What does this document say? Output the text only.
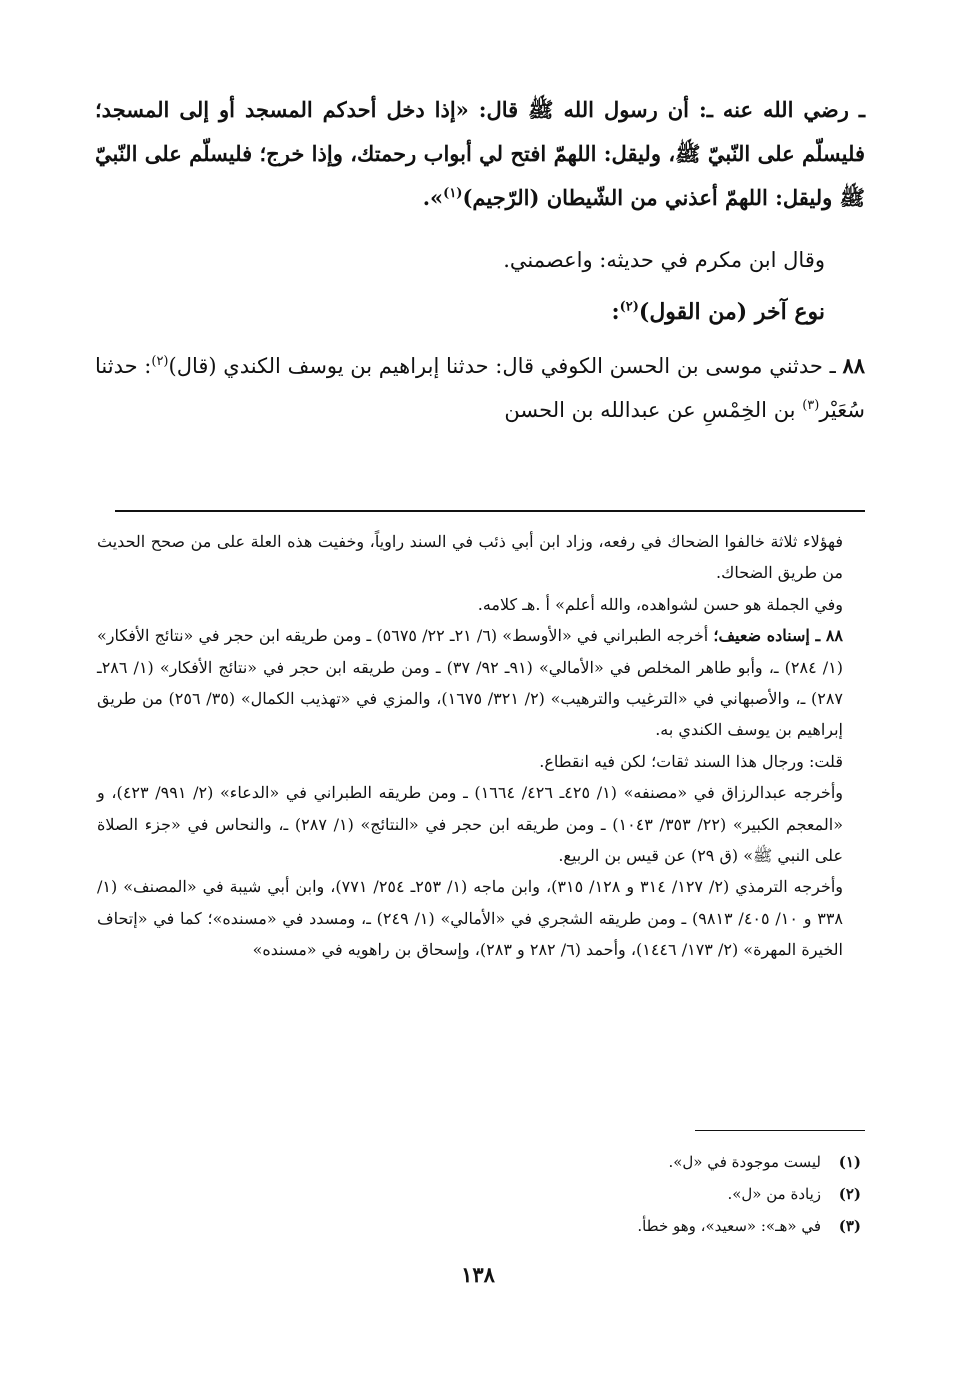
ـ رضي الله عنه ـ: أن رسول الله ﷺ قال: «إذا دخل أحدكم المسجد أو إلى المسجد؛ فليسلّم على النّبيّ ﷺ، وليقل: اللهمّ افتح لي أبواب رحمتك، وإذا خرج؛ فليسلّم على النّبيّ ﷺ وليقل: اللهمّ أعذني من الشّيطان (الرّجيم)$^{(١)}$».

وقال ابن مكرم في حديثه: واعصمني.

نوع آخر (من القول)$^{(٢)}$:

٨٨ ـ حدثني موسى بن الحسن الكوفي قال: حدثنا إبراهيم بن يوسف الكندي (قال)$^{(٢)}$: حدثنا سُعَيْر$^{(٣)}$ بن الخِمْسِ عن عبدالله بن الحسن

فهؤلاء ثلاثة خالفوا الضحاك في رفعه، وزاد ابن أبي ذئب في السند راوياً، وخفيت هذه العلة على من صحح الحديث من طريق الضحاك.

وفي الجملة هو حسن لشواهده، والله أعلم» أ .هـ كلامه.

٨٨ ـ إسناده ضعيف؛ أخرجه الطبراني في «الأوسط» (٦/ ٢١ـ ٢٢/ ٥٦٧٥) ـ ومن طريقه ابن حجر في «نتائج الأفكار» (١/ ٢٨٤) ـ، وأبو طاهر المخلص في «الأمالي» (٩١ـ ٩٢/ ٣٧) ـ ومن طريقه ابن حجر في «نتائج الأفكار» (١/ ٢٨٦ـ ٢٨٧) ـ، والأصبهاني في «الترغيب والترهيب» (٢/ ٣٢١/ ١٦٧٥)، والمزي في «تهذيب الكمال» (٣٥/ ٢٥٦) من طريق إبراهيم بن يوسف الكندي به.

قلت: ورجال هذا السند ثقات؛ لكن فيه انقطاع.

وأخرجه عبدالرزاق في «مصنفه» (١/ ٤٢٥ـ ٤٢٦/ ١٦٦٤) ـ ومن طريقه الطبراني في «الدعاء» (٢/ ٩٩١/ ٤٢٣)، و «المعجم الكبير» (٢٢/ ٣٥٣/ ١٠٤٣) ـ ومن طريقه ابن حجر في «النتائج» (١/ ٢٨٧) ـ، والنحاس في «جزء الصلاة على النبي ﷺ» (ق ٢٩) عن قيس بن الربيع.

وأخرجه الترمذي (٢/ ١٢٧/ ٣١٤ و ١٢٨/ ٣١٥)، وابن ماجه (١/ ٢٥٣ـ ٢٥٤/ ٧٧١)، وابن أبي شيبة في «المصنف» (١/ ٣٣٨ و ١٠/ ٤٠٥/ ٩٨١٣) ـ ومن طريقه الشجري في «الأمالي» (١/ ٢٤٩) ـ، ومسدد في «مسنده»؛ كما في «إتحاف الخيرة المهرة» (٢/ ١٧٣/ ١٤٤٦)، وأحمد (٦/ ٢٨٢ و ٢٨٣)، وإسحاق بن راهويه في «مسنده»

(١)
ليست موجودة في «ل».
(٢)
زيادة من «ل».
(٣)
في «هـ»: «سعيد»، وهو خطأ.
١٣٨
